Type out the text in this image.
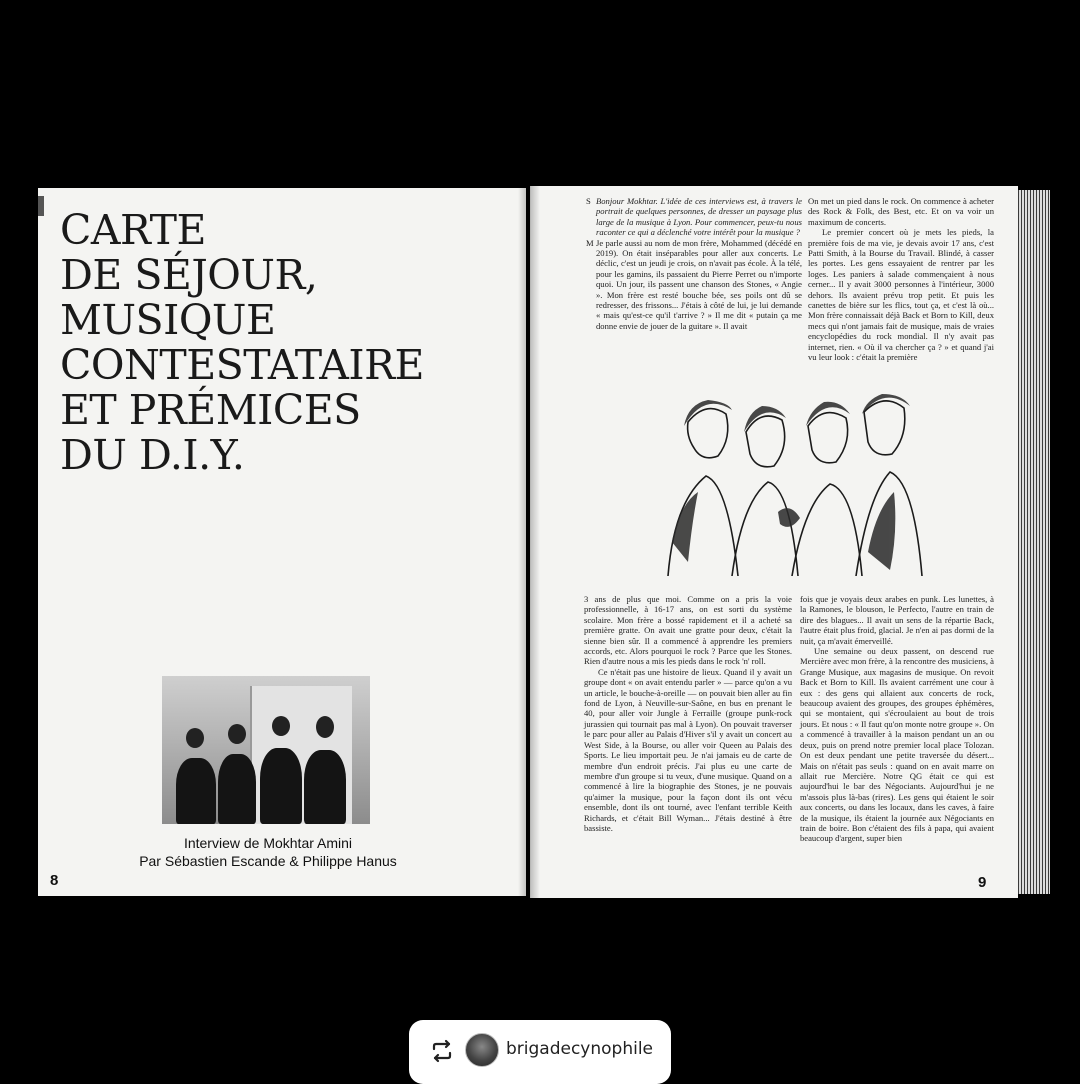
CARTE
DE SÉJOUR,
MUSIQUE
CONTESTATAIRE
ET PRÉMICES
DU D.I.Y.
Interview de Mokhtar Amini
Par Sébastien Escande & Philippe Hanus
8
S Bonjour Mokhtar. L'idée de ces interviews est, à travers le portrait de quelques personnes, de dresser un paysage plus large de la musique à Lyon. Pour commencer, peux-tu nous raconter ce qui a déclenché votre intérêt pour la musique ?

M Je parle aussi au nom de mon frère, Mohammed (décédé en 2019). On était inséparables pour aller aux concerts. Le déclic, c'est un jeudi je crois, on n'avait pas école. À la télé, pour les gamins, ils passaient du Pierre Perret ou n'importe quoi. Un jour, ils passent une chanson des Stones, « Angie ». Mon frère est resté bouche bée, ses poils ont dû se redresser, des frissons... J'étais à côté de lui, je lui demande « mais qu'est-ce qu'il t'arrive ? » Il me dit « putain ça me donne envie de jouer de la guitare ». Il avait

On met un pied dans le rock. On commence à acheter des Rock & Folk, des Best, etc. Et on va voir un maximum de concerts.

Le premier concert où je mets les pieds, la première fois de ma vie, je devais avoir 17 ans, c'est Patti Smith, à la Bourse du Travail. Blindé, à casser les portes. Les gens essayaient de rentrer par les loges. Les paniers à salade commençaient à nous cerner... Il y avait 3000 personnes à l'intérieur, 3000 dehors. Ils avaient prévu trop petit. Et puis les canettes de bière sur les flics, tout ça, et c'est là où... Mon frère connaissait déjà Back et Born to Kill, deux mecs qui n'ont jamais fait de musique, mais de vraies encyclopédies du rock mondial. Il n'y avait pas internet, rien. « Où il va chercher ça ? » et quand j'ai vu leur look : c'était la première

3 ans de plus que moi. Comme on a pris la voie professionnelle, à 16-17 ans, on est sorti du système scolaire. Mon frère a bossé rapidement et il a acheté sa première gratte. On avait une gratte pour deux, c'était la sienne bien sûr. Il a commencé à apprendre les premiers accords, etc. Alors pourquoi le rock ? Parce que les Stones. Rien d'autre nous a mis les pieds dans le rock 'n' roll.

Ce n'était pas une histoire de lieux. Quand il y avait un groupe dont « on avait entendu parler » — parce qu'on a vu un article, le bouche-à-oreille — on pouvait bien aller au fin fond de Lyon, à Neuville-sur-Saône, en bus en prenant le 40, pour aller voir Jungle à Ferraille (groupe punk-rock jurassien qui tournait pas mal à Lyon). On pouvait traverser le parc pour aller au Palais d'Hiver s'il y avait un concert au West Side, à la Bourse, ou aller voir Queen au Palais des Sports. Le lieu importait peu. Je n'ai jamais eu de carte de membre d'un endroit précis. J'ai plus eu une carte de membre d'un groupe si tu veux, d'une musique. Quand on a commencé à lire la biographie des Stones, je ne pouvais qu'aimer la musique, pour la façon dont ils ont vécu ensemble, dont ils ont tourné, avec l'enfant terrible Keith Richards, et c'était Bill Wyman... J'étais destiné à être bassiste.

fois que je voyais deux arabes en punk. Les lunettes, à la Ramones, le blouson, le Perfecto, l'autre en train de dire des blagues... Il avait un sens de la répartie Back, l'autre était plus froid, glacial. Je n'en ai pas dormi de la nuit, ça m'avait émerveillé.

Une semaine ou deux passent, on descend rue Mercière avec mon frère, à la rencontre des musiciens, à Grange Musique, aux magasins de musique. On revoit Back et Born to Kill. Ils avaient carrément une cour à eux : des gens qui allaient aux concerts de rock, beaucoup avaient des groupes, des groupes éphémères, qui se montaient, qui s'écroulaient au bout de trois jours. Et nous : « Il faut qu'on monte notre groupe ». On a commencé à travailler à la maison pendant un an ou deux, puis on prend notre premier local place Tolozan. On est deux pendant une petite traversée du désert... Mais on n'était pas seuls : quand on en avait marre on allait rue Mercière. Notre QG était ce qui est aujourd'hui le bar des Négociants. Aujourd'hui je ne m'assois plus là-bas (rires). Les gens qui étaient le soir aux concerts, ou dans les locaux, dans les caves, à faire de la musique, ils étaient la journée aux Négociants en train de boire. Bon c'étaient des fils à papa, qui avaient beaucoup d'argent, super bien

9
brigadecynophile
